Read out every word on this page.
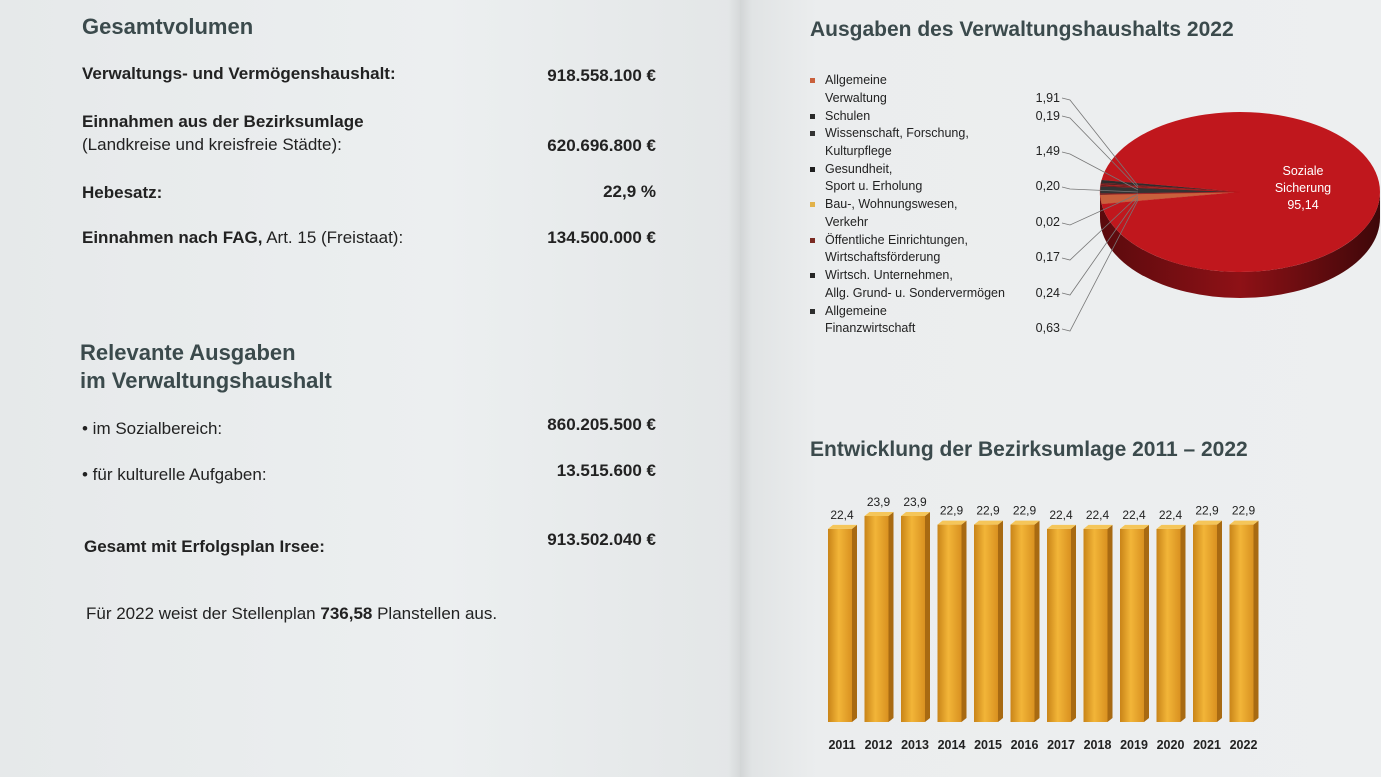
Gesamtvolumen
Verwaltungs- und Vermögenshaushalt:	918.558.100 €
Einnahmen aus der Bezirksumlage
(Landkreise und kreisfreie Städte):	620.696.800 €
Hebesatz:	22,9 %
Einnahmen nach FAG, Art. 15 (Freistaat):	134.500.000 €
Relevante Ausgaben
im Verwaltungshaushalt
• im Sozialbereich:	860.205.500 €
• für kulturelle Aufgaben:	13.515.600 €
Gesamt mit Erfolgsplan Irsee:	913.502.040 €
Für 2022 weist der Stellenplan 736,58 Planstellen aus.
Ausgaben des Verwaltungshaushalts 2022
Allgemeine
Verwaltung	1,91
Schulen	0,19
Wissenschaft, Forschung,
Kulturpflege	1,49
Gesundheit,
Sport u. Erholung	0,20
Bau-, Wohnungswesen,
Verkehr	0,02
Öffentliche Einrichtungen,
Wirtschaftsförderung	0,17
Wirtsch. Unternehmen,
Allg. Grund- u. Sondervermögen 0,24
Allgemeine
Finanzwirtschaft	0,63
Soziale
Sicherung
95,14
Entwicklung der Bezirksumlage 2011 – 2022
22,4
2011
23,9
2012
23,9
2013
22,9
2014
22,9
2015
22,9
2016
22,4
2017
22,4
2018
22,4
2019
22,4
2020
22,9
2021
22,9
2022
